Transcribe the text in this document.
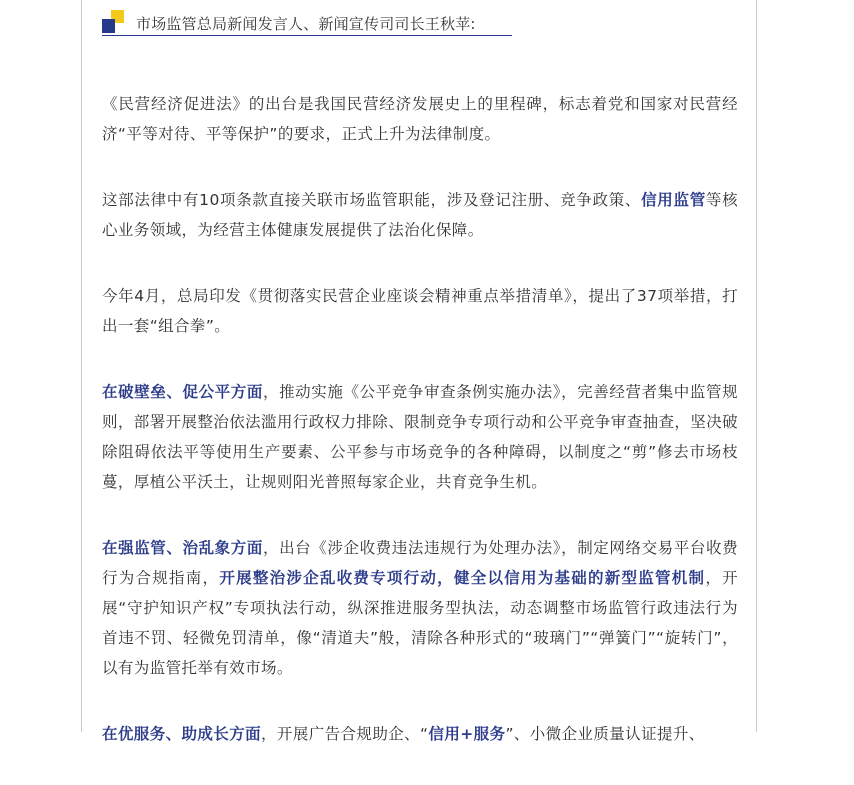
市场监管总局新闻发言人、新闻宣传司司长王秋苹:

《民营经济促进法》的出台是我国民营经济发展史上的里程碑，标志着党和国家对民营经济“平等对待、平等保护”的要求，正式上升为法律制度。

这部法律中有10项条款直接关联市场监管职能，涉及登记注册、竞争政策、信用监管等核心业务领域，为经营主体健康发展提供了法治化保障。

今年4月，总局印发《贯彻落实民营企业座谈会精神重点举措清单》，提出了37项举措，打出一套“组合拳”。

在破壁垒、促公平方面，推动实施《公平竞争审查条例实施办法》，完善经营者集中监管规则，部署开展整治依法滥用行政权力排除、限制竞争专项行动和公平竞争审查抽查，坚决破除阻碍依法平等使用生产要素、公平参与市场竞争的各种障碍，以制度之“剪”修去市场枝蔓，厚植公平沃土，让规则阳光普照每家企业，共育竞争生机。

在强监管、治乱象方面，出台《涉企收费违法违规行为处理办法》，制定网络交易平台收费行为合规指南，开展整治涉企乱收费专项行动，健全以信用为基础的新型监管机制，开展“守护知识产权”专项执法行动，纵深推进服务型执法，动态调整市场监管行政违法行为首违不罚、轻微免罚清单，像“清道夫”般，清除各种形式的“玻璃门”“弹簧门”“旋转门”，以有为监管托举有效市场。

在优服务、助成长方面，开展广告合规助企、“信用+服务”、小微企业质量认证提升、
